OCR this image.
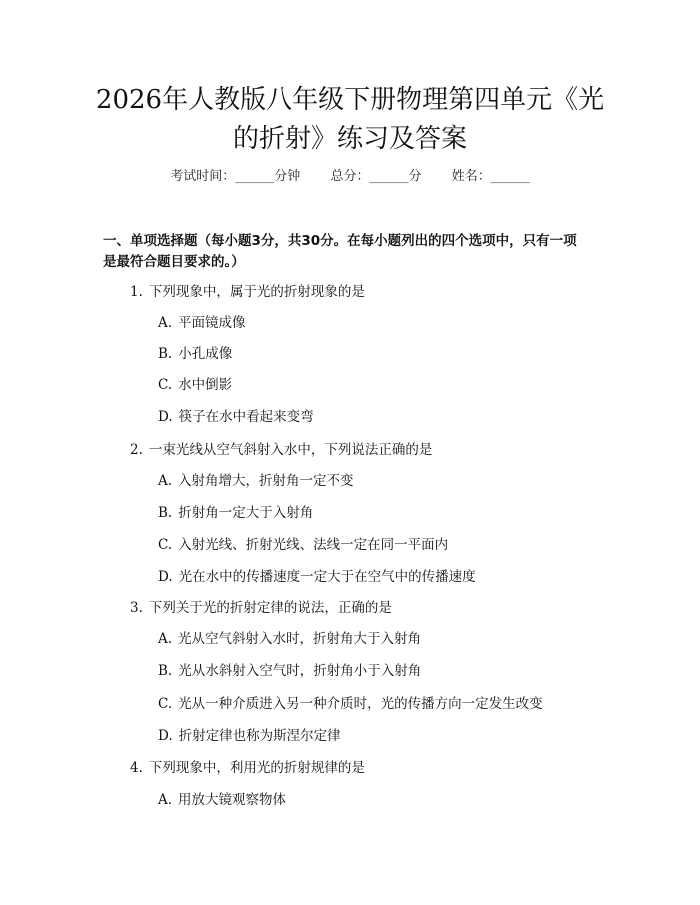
2026年人教版八年级下册物理第四单元《光
的折射》练习及答案
考试时间：______分钟 总分：______分 姓名：______
一、单项选择题（每小题3分，共30分。在每小题列出的四个选项中，只有一项
是最符合题目要求的。）
1. 下列现象中，属于光的折射现象的是
A. 平面镜成像
B. 小孔成像
C. 水中倒影
D. 筷子在水中看起来变弯
2. 一束光线从空气斜射入水中，下列说法正确的是
A. 入射角增大，折射角一定不变
B. 折射角一定大于入射角
C. 入射光线、折射光线、法线一定在同一平面内
D. 光在水中的传播速度一定大于在空气中的传播速度
3. 下列关于光的折射定律的说法，正确的是
A. 光从空气斜射入水时，折射角大于入射角
B. 光从水斜射入空气时，折射角小于入射角
C. 光从一种介质进入另一种介质时，光的传播方向一定发生改变
D. 折射定律也称为斯涅尔定律
4. 下列现象中，利用光的折射规律的是
A. 用放大镜观察物体
